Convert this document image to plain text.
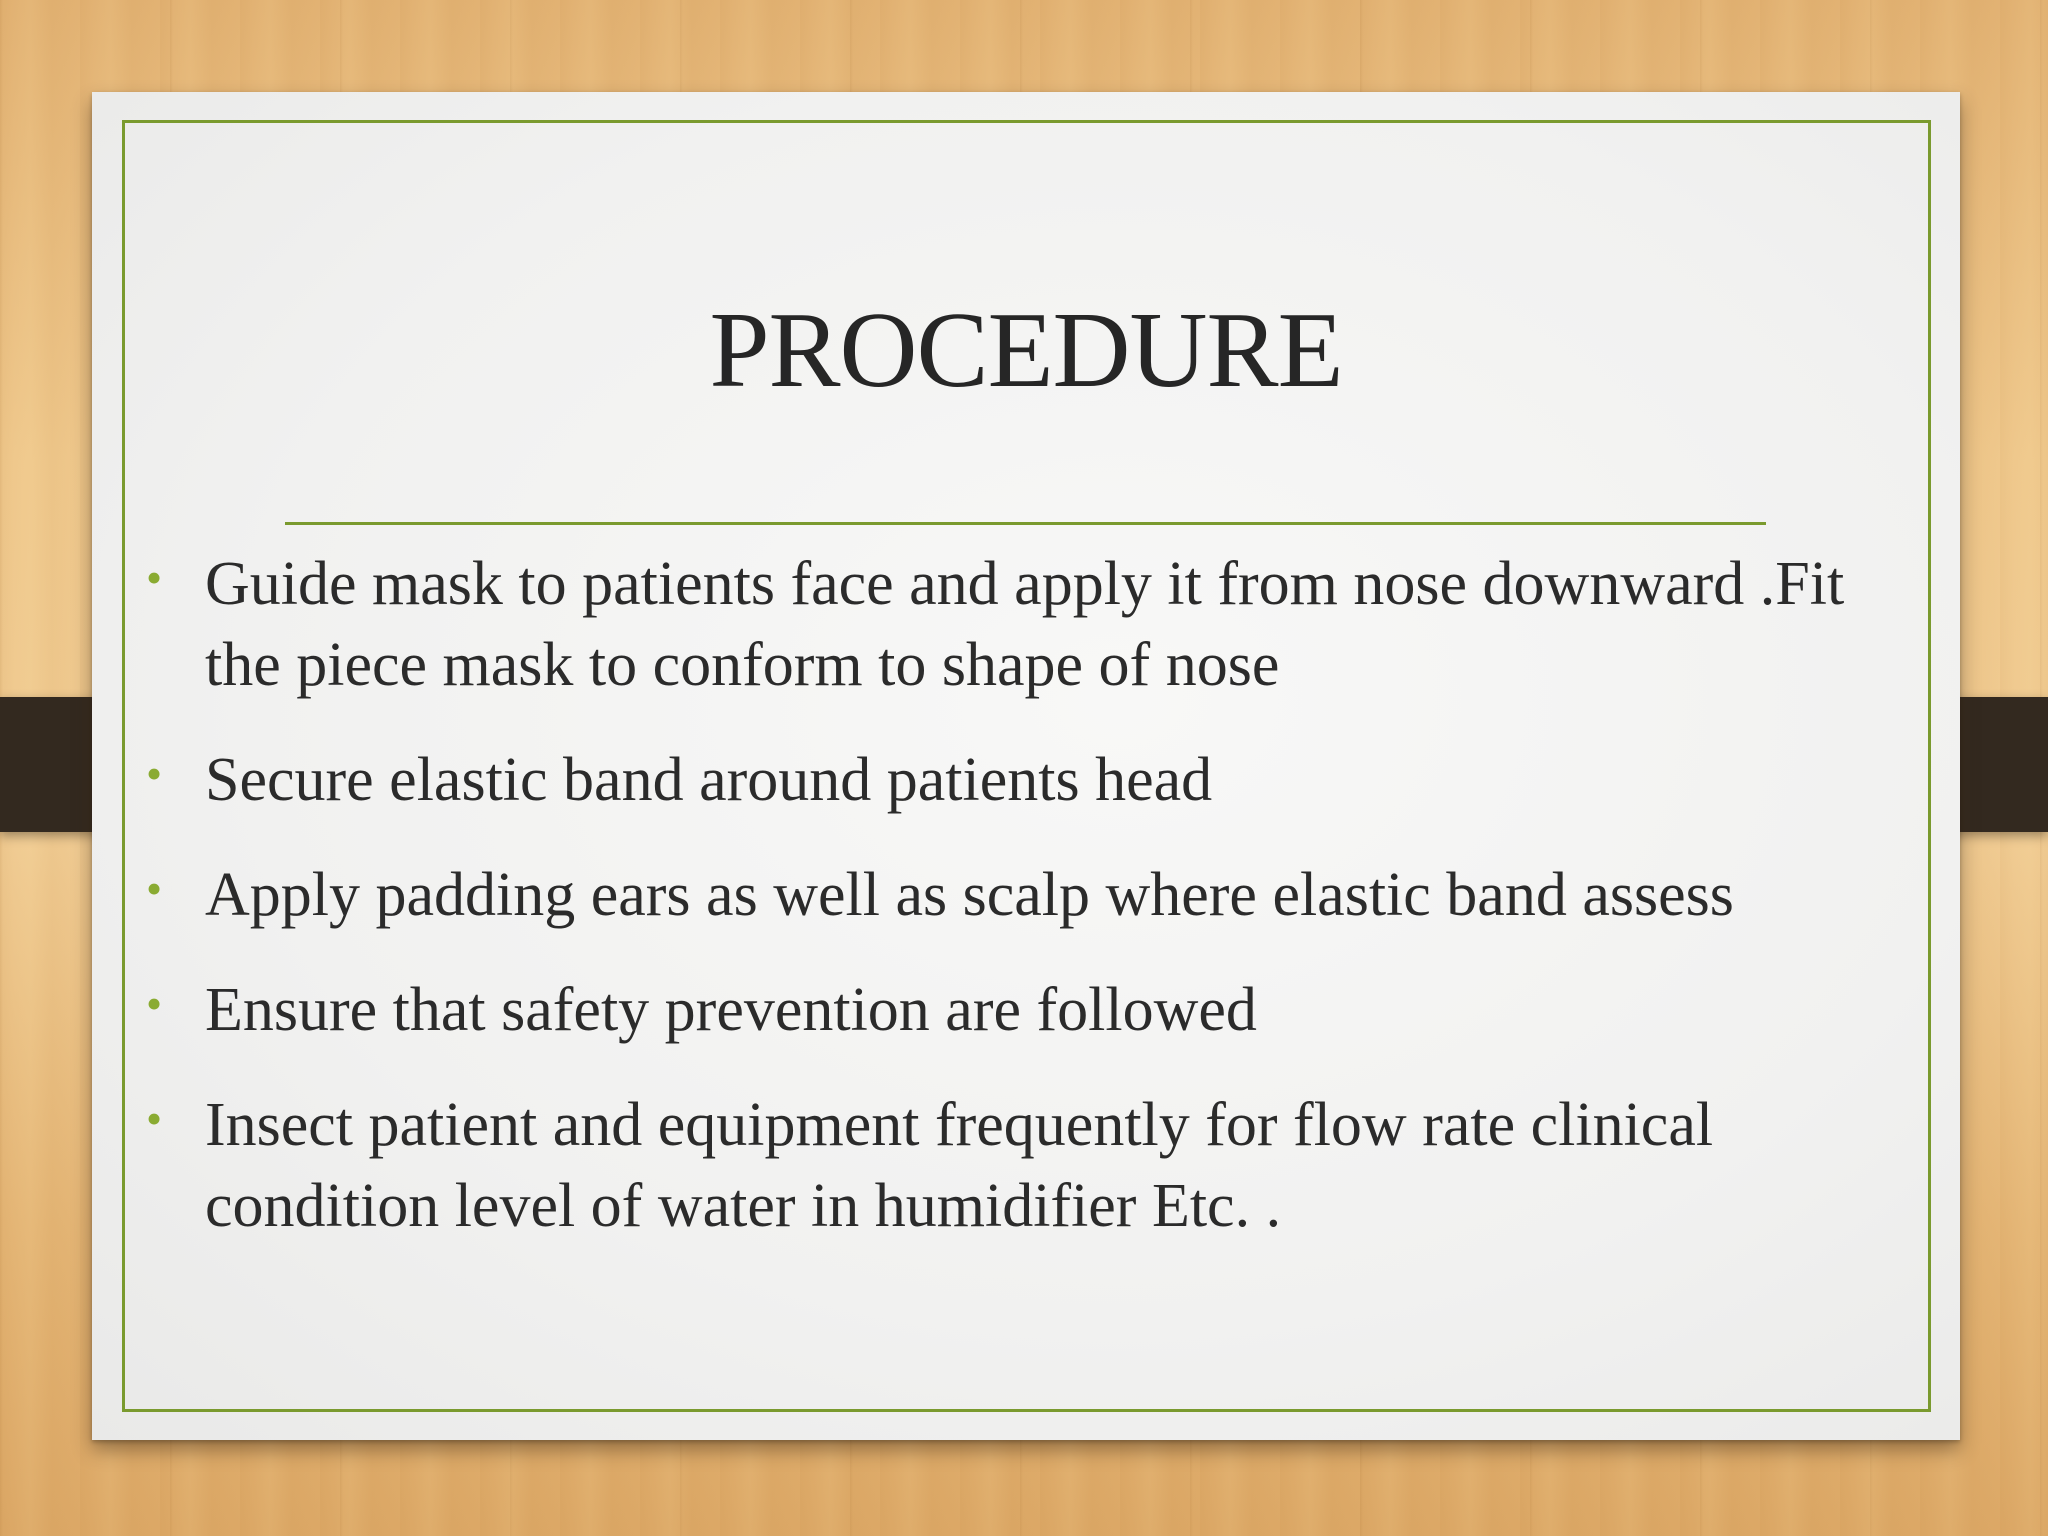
PROCEDURE
• Guide mask to patients face and apply it from nose downward .Fit the piece mask to conform to shape of nose
• Secure elastic band around patients head
• Apply padding ears as well as scalp where elastic band assess
• Ensure that safety prevention are followed
• Insect patient and equipment frequently for flow rate clinical condition level of water in humidifier Etc. .
